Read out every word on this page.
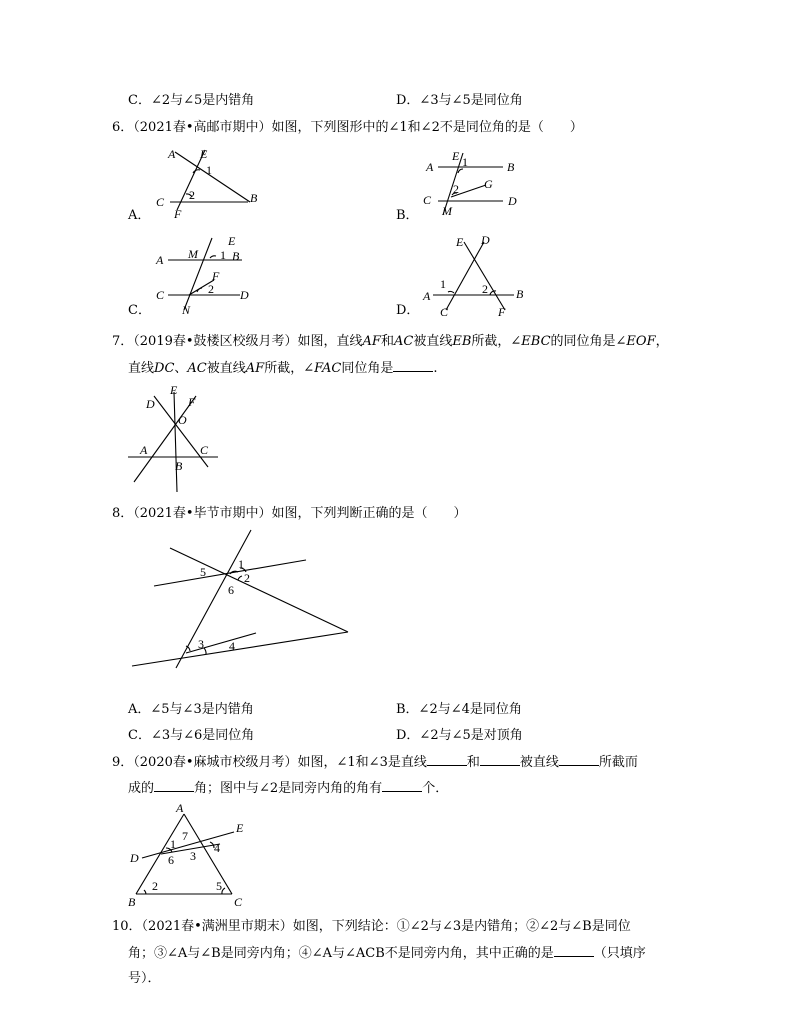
C．∠2与∠5是内错角	D．∠3与∠5是同位角
6．（2021春•高邮市期中）如图，下列图形中的∠1和∠2不是同位角的是（　　）
A．
A E
1
2
C
F
B
B．
A
E 1	B
2 G
C
M
D
C．
A M
E
1 B
F
2
C	D
N	D．
E D
1	2
A	B
C	F
7．（2019春•鼓楼区校级月考）如图，直线AF和AC被直线EB所截，∠EBC的同位角是∠EOF，
直线DC、AC被直线AF所截，∠FAC同位角是	.
D
E
F
O
A	C
B
8．（2021春•毕节市期中）如图，下列判断正确的是（　　）
1
2
3 4
5
6
A．∠5与∠3是内错角	B．∠2与∠4是同位角
C．∠3与∠6是同位角	D．∠2与∠5是对顶角
9．（2020春•麻城市校级月考）如图，∠1和∠3是直线	和	被直线	所截而
成的	角；图中与∠2是同旁内角的角有	个．
A
7
E
1	4
D 6 3
2	5
B	C
10．（2021春•满洲里市期末）如图，下列结论：①∠2与∠3是内错角；②∠2与∠B是同位
角；③∠A与∠B是同旁内角；④∠A与∠ACB不是同旁内角，其中正确的是	（只填序
号）．
